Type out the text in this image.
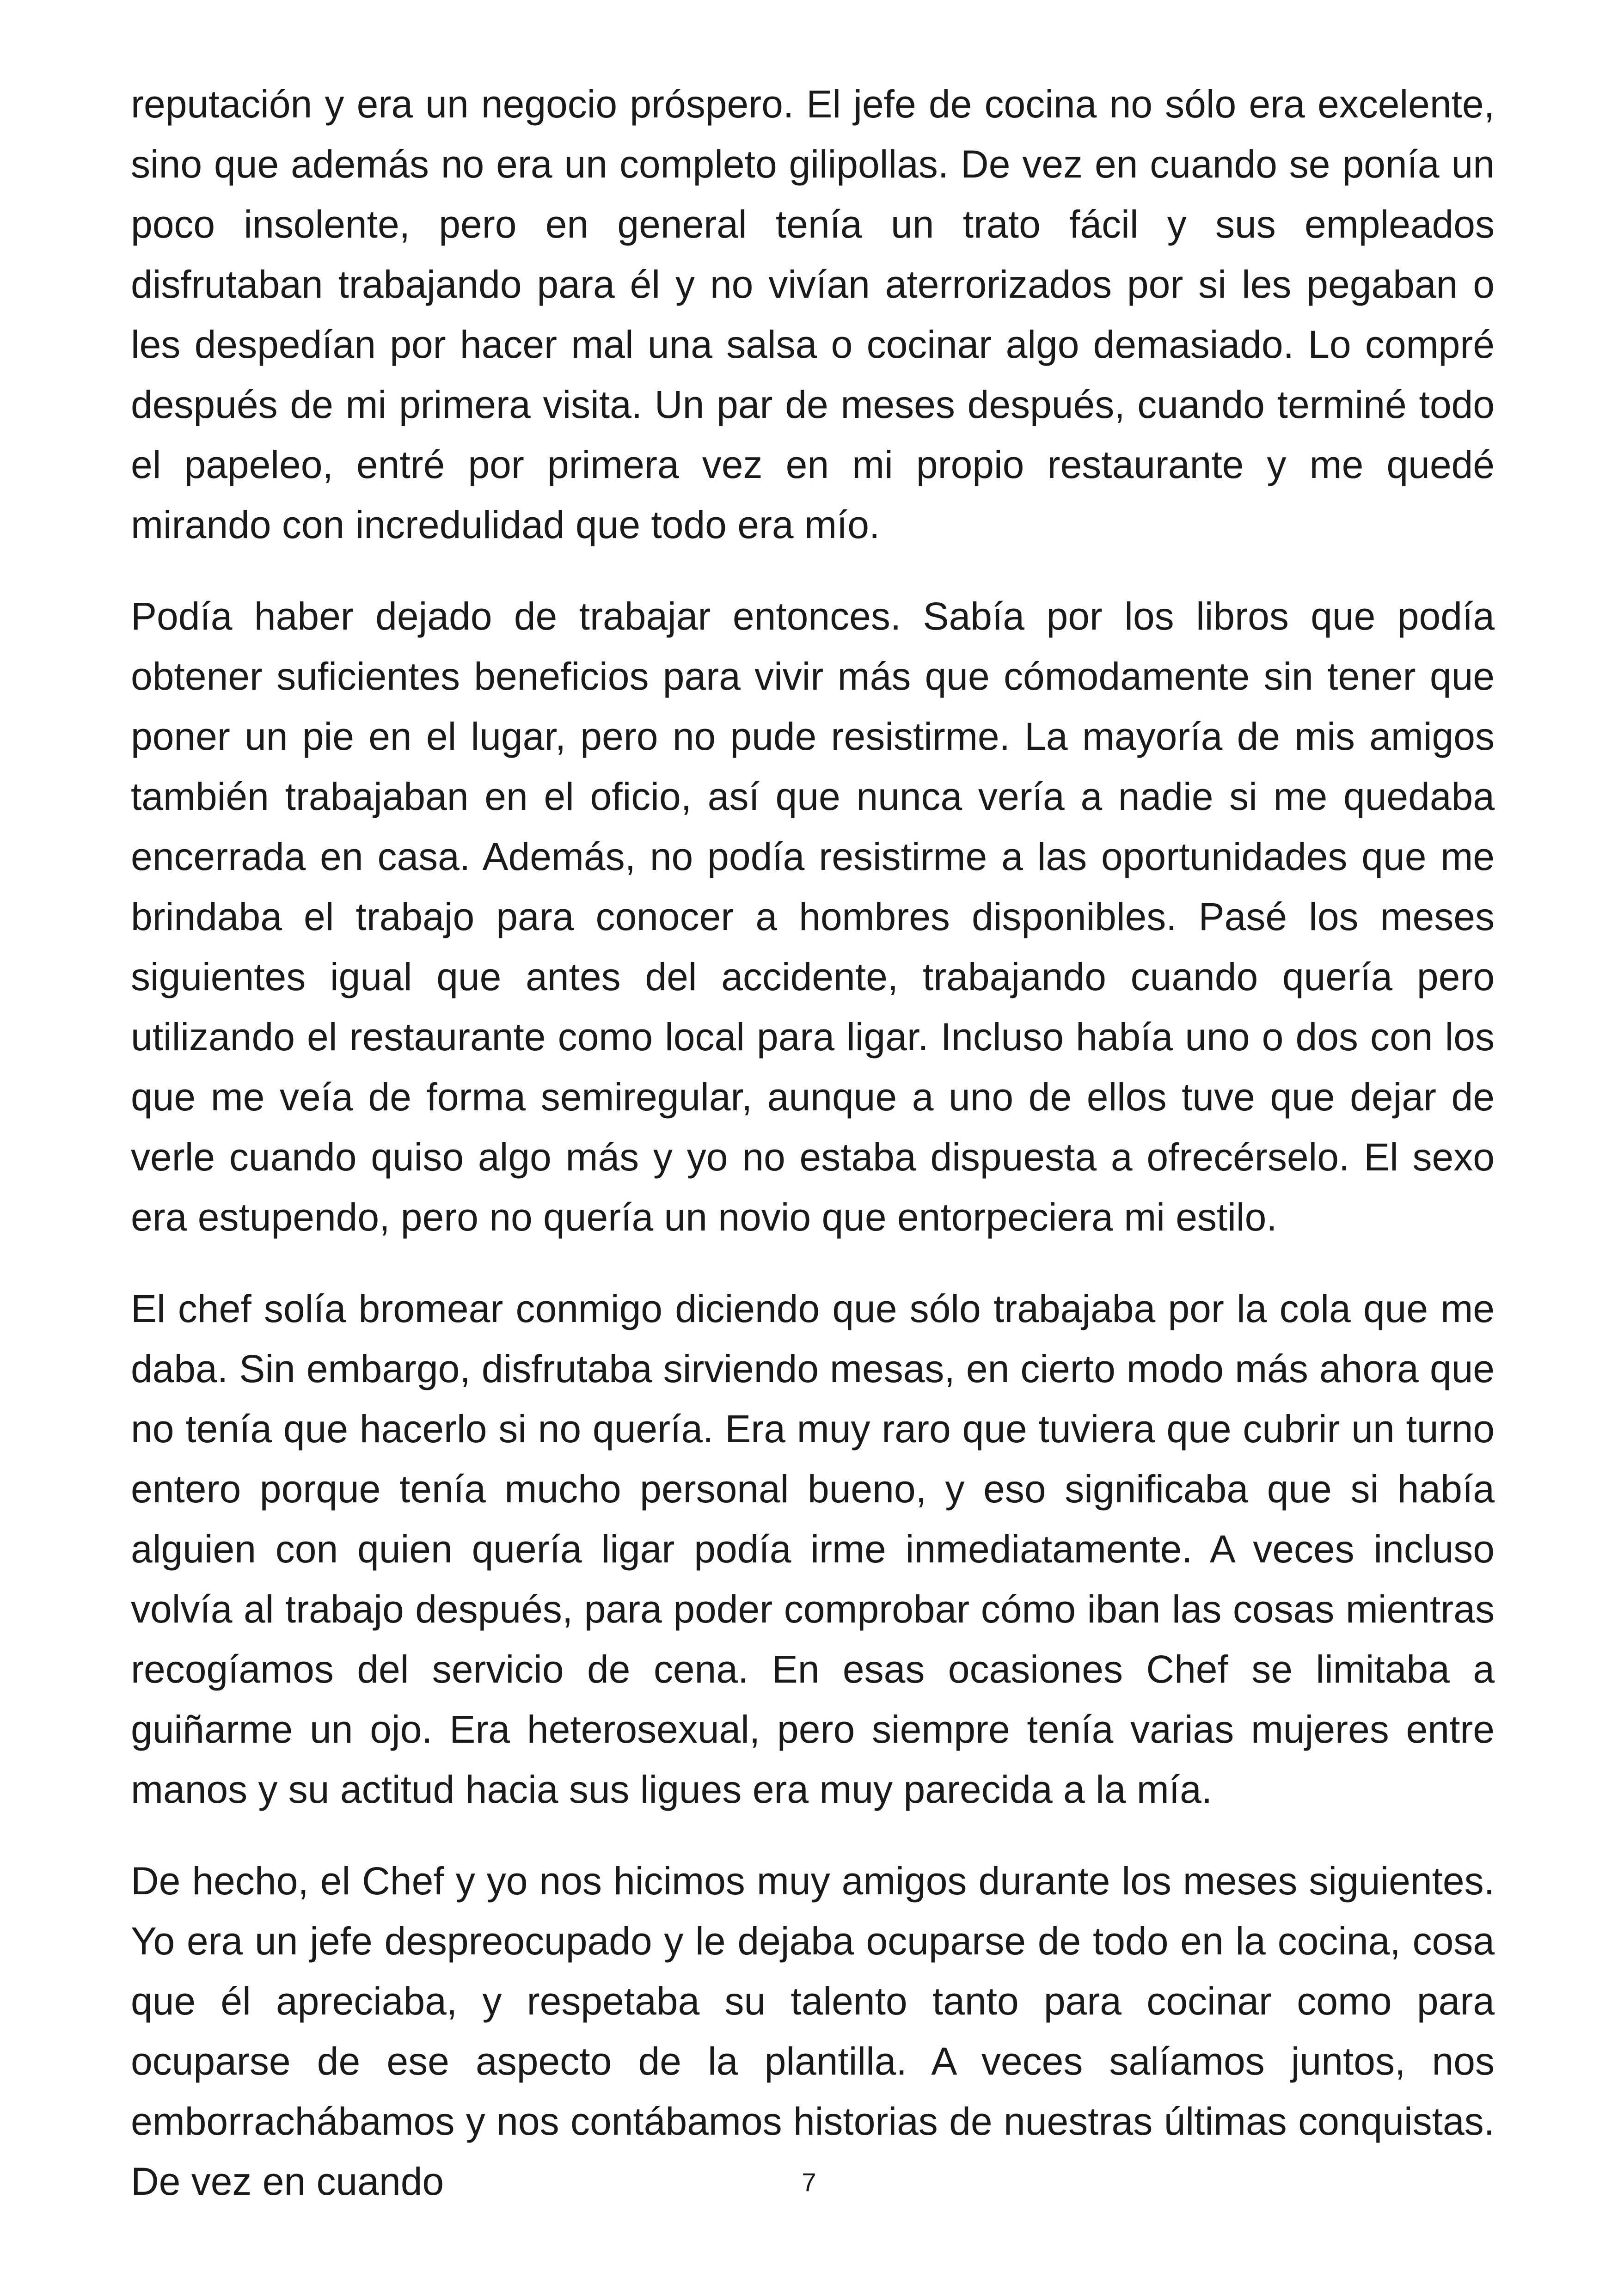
reputación y era un negocio próspero. El jefe de cocina no sólo era excelente, sino que además no era un completo gilipollas. De vez en cuando se ponía un poco insolente, pero en general tenía un trato fácil y sus empleados disfrutaban trabajando para él y no vivían aterrorizados por si les pegaban o les despedían por hacer mal una salsa o cocinar algo demasiado. Lo compré después de mi primera visita. Un par de meses después, cuando terminé todo el papeleo, entré por primera vez en mi propio restaurante y me quedé mirando con incredulidad que todo era mío.

Podía haber dejado de trabajar entonces. Sabía por los libros que podía obtener suficientes beneficios para vivir más que cómodamente sin tener que poner un pie en el lugar, pero no pude resistirme. La mayoría de mis amigos también trabajaban en el oficio, así que nunca vería a nadie si me quedaba encerrada en casa. Además, no podía resistirme a las oportunidades que me brindaba el trabajo para conocer a hombres disponibles. Pasé los meses siguientes igual que antes del accidente, trabajando cuando quería pero utilizando el restaurante como local para ligar. Incluso había uno o dos con los que me veía de forma semiregular, aunque a uno de ellos tuve que dejar de verle cuando quiso algo más y yo no estaba dispuesta a ofrecérselo. El sexo era estupendo, pero no quería un novio que entorpeciera mi estilo.

El chef solía bromear conmigo diciendo que sólo trabajaba por la cola que me daba. Sin embargo, disfrutaba sirviendo mesas, en cierto modo más ahora que no tenía que hacerlo si no quería. Era muy raro que tuviera que cubrir un turno entero porque tenía mucho personal bueno, y eso significaba que si había alguien con quien quería ligar podía irme inmediatamente. A veces incluso volvía al trabajo después, para poder comprobar cómo iban las cosas mientras recogíamos del servicio de cena. En esas ocasiones Chef se limitaba a guiñarme un ojo. Era heterosexual, pero siempre tenía varias mujeres entre manos y su actitud hacia sus ligues era muy parecida a la mía.

De hecho, el Chef y yo nos hicimos muy amigos durante los meses siguientes. Yo era un jefe despreocupado y le dejaba ocuparse de todo en la cocina, cosa que él apreciaba, y respetaba su talento tanto para cocinar como para ocuparse de ese aspecto de la plantilla. A veces salíamos juntos, nos emborrachábamos y nos contábamos historias de nuestras últimas conquistas. De vez en cuando	7
